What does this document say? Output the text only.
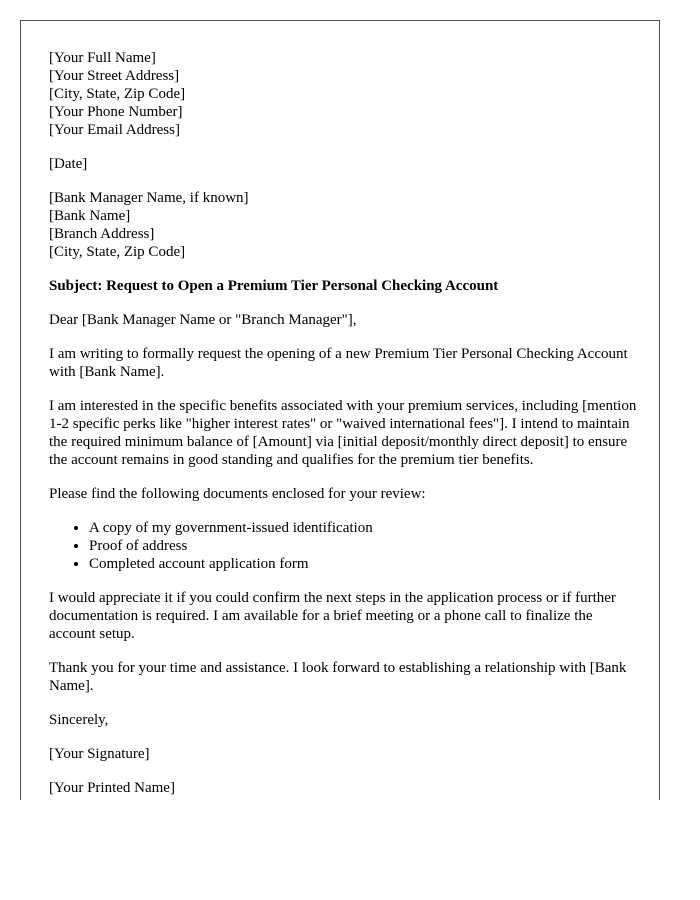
[Your Full Name]
[Your Street Address]
[City, State, Zip Code]
[Your Phone Number]
[Your Email Address]

[Date]

[Bank Manager Name, if known]
[Bank Name]
[Branch Address]
[City, State, Zip Code]

Subject: Request to Open a Premium Tier Personal Checking Account

Dear [Bank Manager Name or "Branch Manager"],

I am writing to formally request the opening of a new Premium Tier Personal Checking Account with [Bank Name].

I am interested in the specific benefits associated with your premium services, including [mention 1-2 specific perks like "higher interest rates" or "waived international fees"]. I intend to maintain the required minimum balance of [Amount] via [initial deposit/monthly direct deposit] to ensure the account remains in good standing and qualifies for the premium tier benefits.

Please find the following documents enclosed for your review:

• A copy of my government-issued identification
• Proof of address
• Completed account application form

I would appreciate it if you could confirm the next steps in the application process or if further documentation is required. I am available for a brief meeting or a phone call to finalize the account setup.

Thank you for your time and assistance. I look forward to establishing a relationship with [Bank Name].

Sincerely,

[Your Signature]

[Your Printed Name]
